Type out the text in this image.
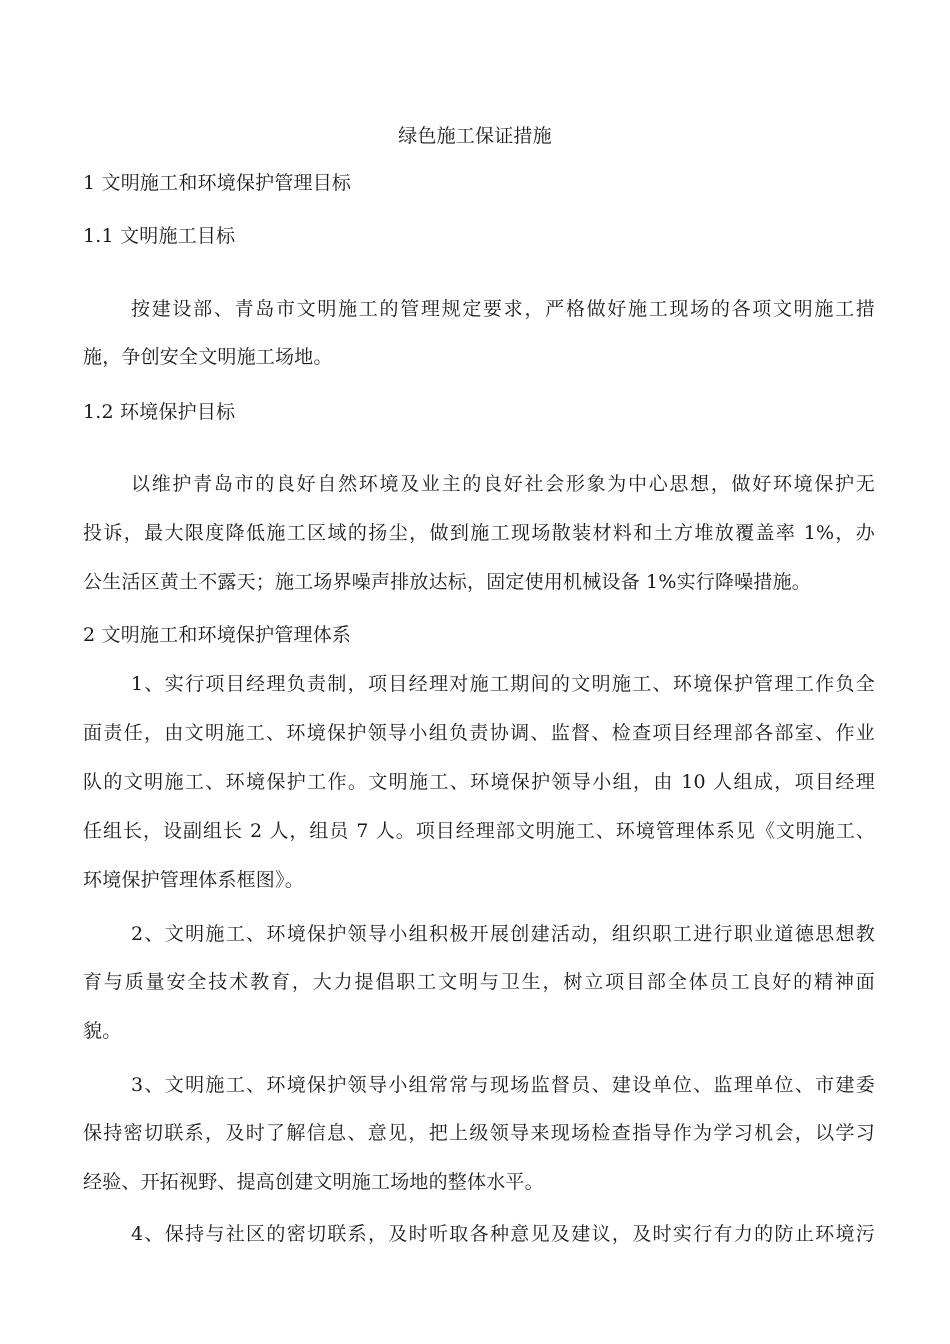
绿色施工保证措施
1 文明施工和环境保护管理目标
1.1 文明施工目标
按建设部、青岛市文明施工的管理规定要求，严格做好施工现场的各项文明施工措
施，争创安全文明施工场地。
1.2 环境保护目标
以维护青岛市的良好自然环境及业主的良好社会形象为中心思想，做好环境保护无
投诉，最大限度降低施工区域的扬尘，做到施工现场散装材料和土方堆放覆盖率 1%，办
公生活区黄土不露天；施工场界噪声排放达标，固定使用机械设备 1%实行降噪措施。
2 文明施工和环境保护管理体系
1、实行项目经理负责制，项目经理对施工期间的文明施工、环境保护管理工作负全
面责任，由文明施工、环境保护领导小组负责协调、监督、检查项目经理部各部室、作业
队的文明施工、环境保护工作。文明施工、环境保护领导小组，由 10 人组成，项目经理
任组长，设副组长 2 人，组员 7 人。项目经理部文明施工、环境管理体系见《文明施工、
环境保护管理体系框图》。
2、文明施工、环境保护领导小组积极开展创建活动，组织职工进行职业道德思想教
育与质量安全技术教育，大力提倡职工文明与卫生，树立项目部全体员工良好的精神面
貌。
3、文明施工、环境保护领导小组常常与现场监督员、建设单位、监理单位、市建委
保持密切联系，及时了解信息、意见，把上级领导来现场检查指导作为学习机会，以学习
经验、开拓视野、提高创建文明施工场地的整体水平。
4、保持与社区的密切联系，及时听取各种意见及建议，及时实行有力的防止环境污
